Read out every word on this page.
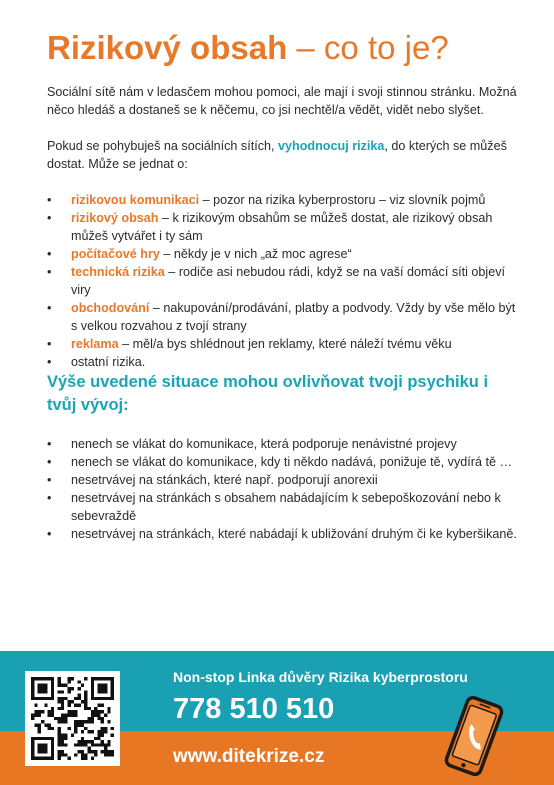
Rizikový obsah – co to je?

Sociální sítě nám v ledasčem mohou pomoci, ale mají i svoji stinnou stránku. Možná něco hledáš a dostaneš se k něčemu, co jsi nechtěl/a vědět, vidět nebo slyšet.

Pokud se pohybuješ na sociálních sítích, vyhodnocuj rizika, do kterých se můžeš dostat. Může se jednat o:

• rizikovou komunikaci – pozor na rizika kyberprostoru – viz slovník pojmů
• rizikový obsah – k rizikovým obsahům se můžeš dostat, ale rizikový obsah můžeš vytvářet i ty sám
• počítačové hry – někdy je v nich „až moc agrese“
• technická rizika – rodiče asi nebudou rádi, když se na vaší domácí síti objeví viry
• obchodování – nakupování/prodávání, platby a podvody. Vždy by vše mělo být s velkou rozvahou z tvojí strany
• reklama – měl/a bys shlédnout jen reklamy, které náleží tvému věku
• ostatní rizika.

Výše uvedené situace mohou ovlivňovat tvoji psychiku i tvůj vývoj:

• nenech se vlákat do komunikace, která podporuje nenávistné projevy
• nenech se vlákat do komunikace, kdy ti někdo nadává, ponižuje tě, vydírá tě …
• nesetrvávej na stánkách, které např. podporují anorexii
• nesetrvávej na stránkách s obsahem nabádajícím k sebepoškozování nebo k sebevraždě
• nesetrvávej na stránkách, které nabádají k ubližování druhým či ke kyberšikaně.
Non-stop Linka důvěry Rizika kyberprostoru
778 510 510
www.ditekrize.cz
